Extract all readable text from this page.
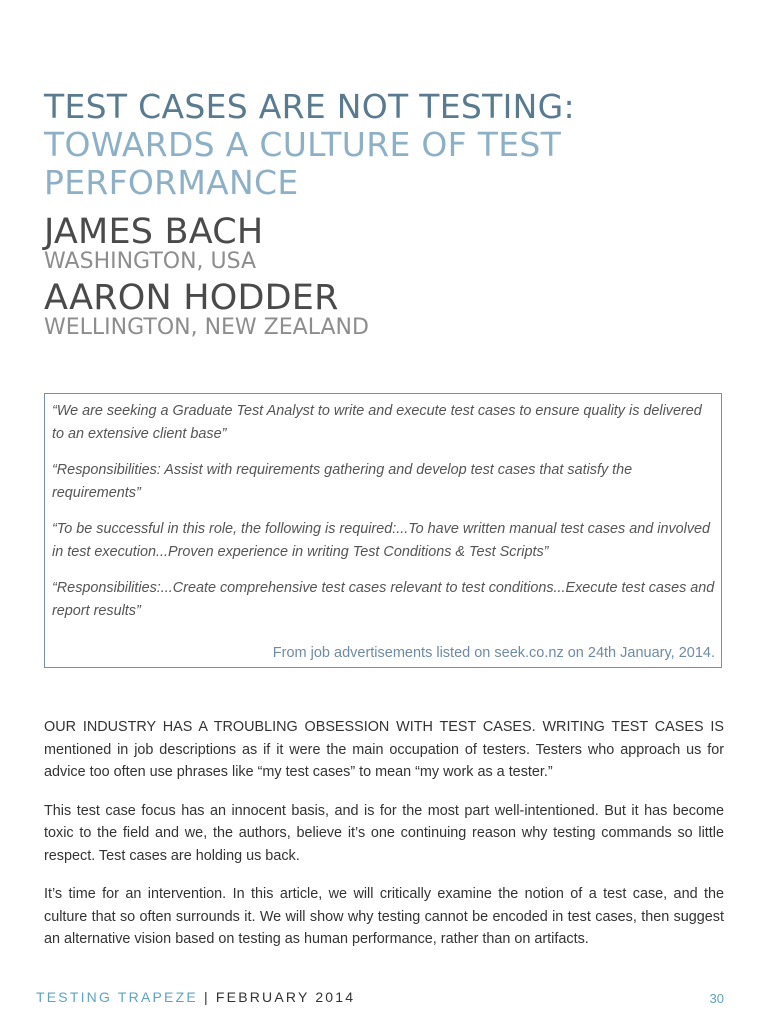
TEST CASES ARE NOT TESTING:
TOWARDS A CULTURE OF TEST PERFORMANCE
JAMES BACH
WASHINGTON, USA
AARON HODDER
WELLINGTON, NEW ZEALAND

“We are seeking a Graduate Test Analyst to write and execute test cases to ensure quality is delivered to an extensive client base”

“Responsibilities: Assist with requirements gathering and develop test cases that satisfy the requirements”

“To be successful in this role, the following is required:...To have written manual test cases and involved in test execution...Proven experience in writing Test Conditions & Test Scripts”

“Responsibilities:...Create comprehensive test cases relevant to test conditions...Execute test cases and report results”

From job advertisements listed on seek.co.nz on 24th January, 2014.

OUR INDUSTRY HAS A TROUBLING OBSESSION WITH TEST CASES. WRITING TEST CASES IS mentioned in job descriptions as if it were the main occupation of testers. Testers who approach us for advice too often use phrases like “my test cases” to mean “my work as a tester.”

This test case focus has an innocent basis, and is for the most part well-intentioned. But it has become toxic to the field and we, the authors, believe it’s one continuing reason why testing commands so little respect. Test cases are holding us back.

It’s time for an intervention. In this article, we will critically examine the notion of a test case, and the culture that so often surrounds it. We will show why testing cannot be encoded in test cases, then suggest an alternative vision based on testing as human performance, rather than on artifacts.

TESTING TRAPEZE | FEBRUARY 2014	30
